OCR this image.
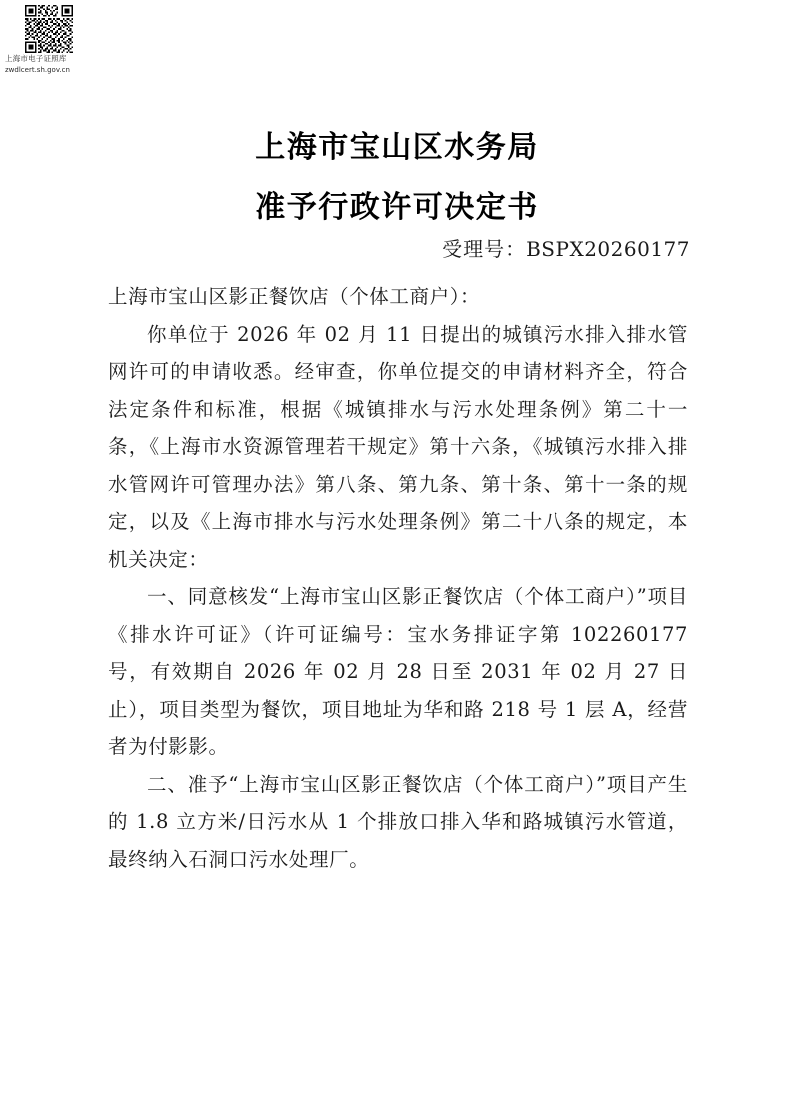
上海市电子证照库
zwdlcert.sh.gov.cn
上海市宝山区水务局
准予行政许可决定书
受理号：BSPX20260177

上海市宝山区影正餐饮店（个体工商户）：

你单位于 2026 年 02 月 11 日提出的城镇污水排入排水管网许可的申请收悉。经审查，你单位提交的申请材料齐全，符合法定条件和标准，根据《城镇排水与污水处理条例》第二十一条，《上海市水资源管理若干规定》第十六条，《城镇污水排入排水管网许可管理办法》第八条、第九条、第十条、第十一条的规定，以及《上海市排水与污水处理条例》第二十八条的规定，本机关决定：

一、同意核发“上海市宝山区影正餐饮店（个体工商户）”项目《排水许可证》（许可证编号：宝水务排证字第 102260177 号，有效期自 2026 年 02 月 28 日至 2031 年 02 月 27 日止），项目类型为餐饮，项目地址为华和路 218 号 1 层 A，经营者为付影影。

二、准予“上海市宝山区影正餐饮店（个体工商户）”项目产生的 1.8 立方米/日污水从 1 个排放口排入华和路城镇污水管道，最终纳入石洞口污水处理厂。
